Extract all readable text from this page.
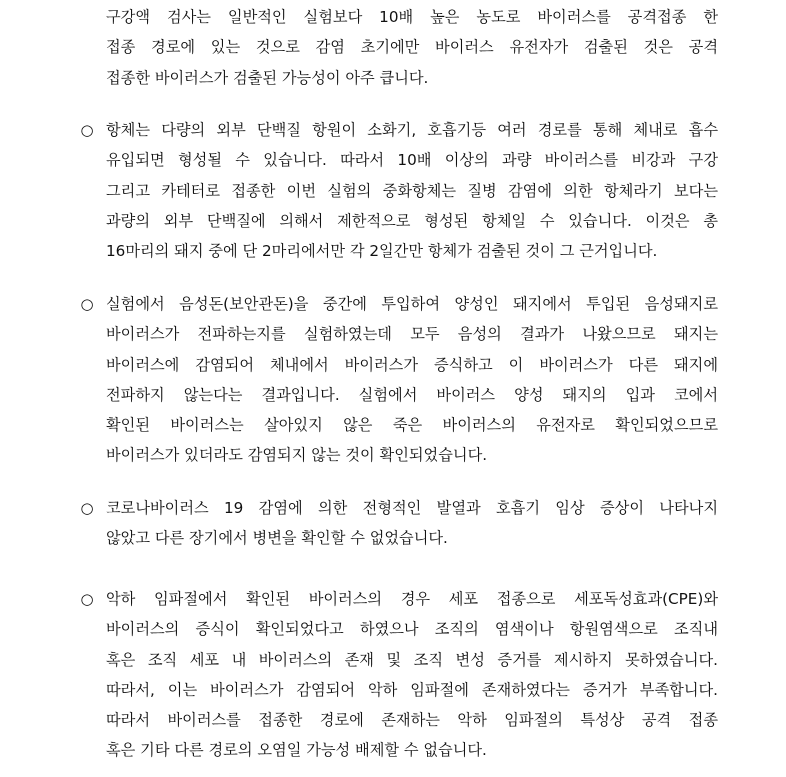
구강액 검사는 일반적인 실험보다 10배 높은 농도로 바이러스를 공격접종 한
접종 경로에 있는 것으로 감염 초기에만 바이러스 유전자가 검출된 것은 공격
접종한 바이러스가 검출된 가능성이 아주 큽니다.
○ 항체는 다량의 외부 단백질 항원이 소화기, 호흡기등 여러 경로를 통해 체내로 흡수
유입되면 형성될 수 있습니다. 따라서 10배 이상의 과량 바이러스를 비강과 구강
그리고 카테터로 접종한 이번 실험의 중화항체는 질병 감염에 의한 항체라기 보다는
과량의 외부 단백질에 의해서 제한적으로 형성된 항체일 수 있습니다. 이것은 총
16마리의 돼지 중에 단 2마리에서만 각 2일간만 항체가 검출된 것이 그 근거입니다.
○ 실험에서 음성돈(보안관돈)을 중간에 투입하여 양성인 돼지에서 투입된 음성돼지로
바이러스가 전파하는지를 실험하였는데 모두 음성의 결과가 나왔으므로 돼지는
바이러스에 감염되어 체내에서 바이러스가 증식하고 이 바이러스가 다른 돼지에
전파하지 않는다는 결과입니다. 실험에서 바이러스 양성 돼지의 입과 코에서
확인된 바이러스는 살아있지 않은 죽은 바이러스의 유전자로 확인되었으므로
바이러스가 있더라도 감염되지 않는 것이 확인되었습니다.
○ 코로나바이러스 19 감염에 의한 전형적인 발열과 호흡기 임상 증상이 나타나지
않았고 다른 장기에서 병변을 확인할 수 없었습니다.
○ 악하 임파절에서 확인된 바이러스의 경우 세포 접종으로 세포독성효과(CPE)와
바이러스의 증식이 확인되었다고 하였으나 조직의 염색이나 항원염색으로 조직내
혹은 조직 세포 내 바이러스의 존재 및 조직 변성 증거를 제시하지 못하였습니다.
따라서, 이는 바이러스가 감염되어 악하 임파절에 존재하였다는 증거가 부족합니다.
따라서 바이러스를 접종한 경로에 존재하는 악하 임파절의 특성상 공격 접종
혹은 기타 다른 경로의 오염일 가능성 배제할 수 없습니다.
